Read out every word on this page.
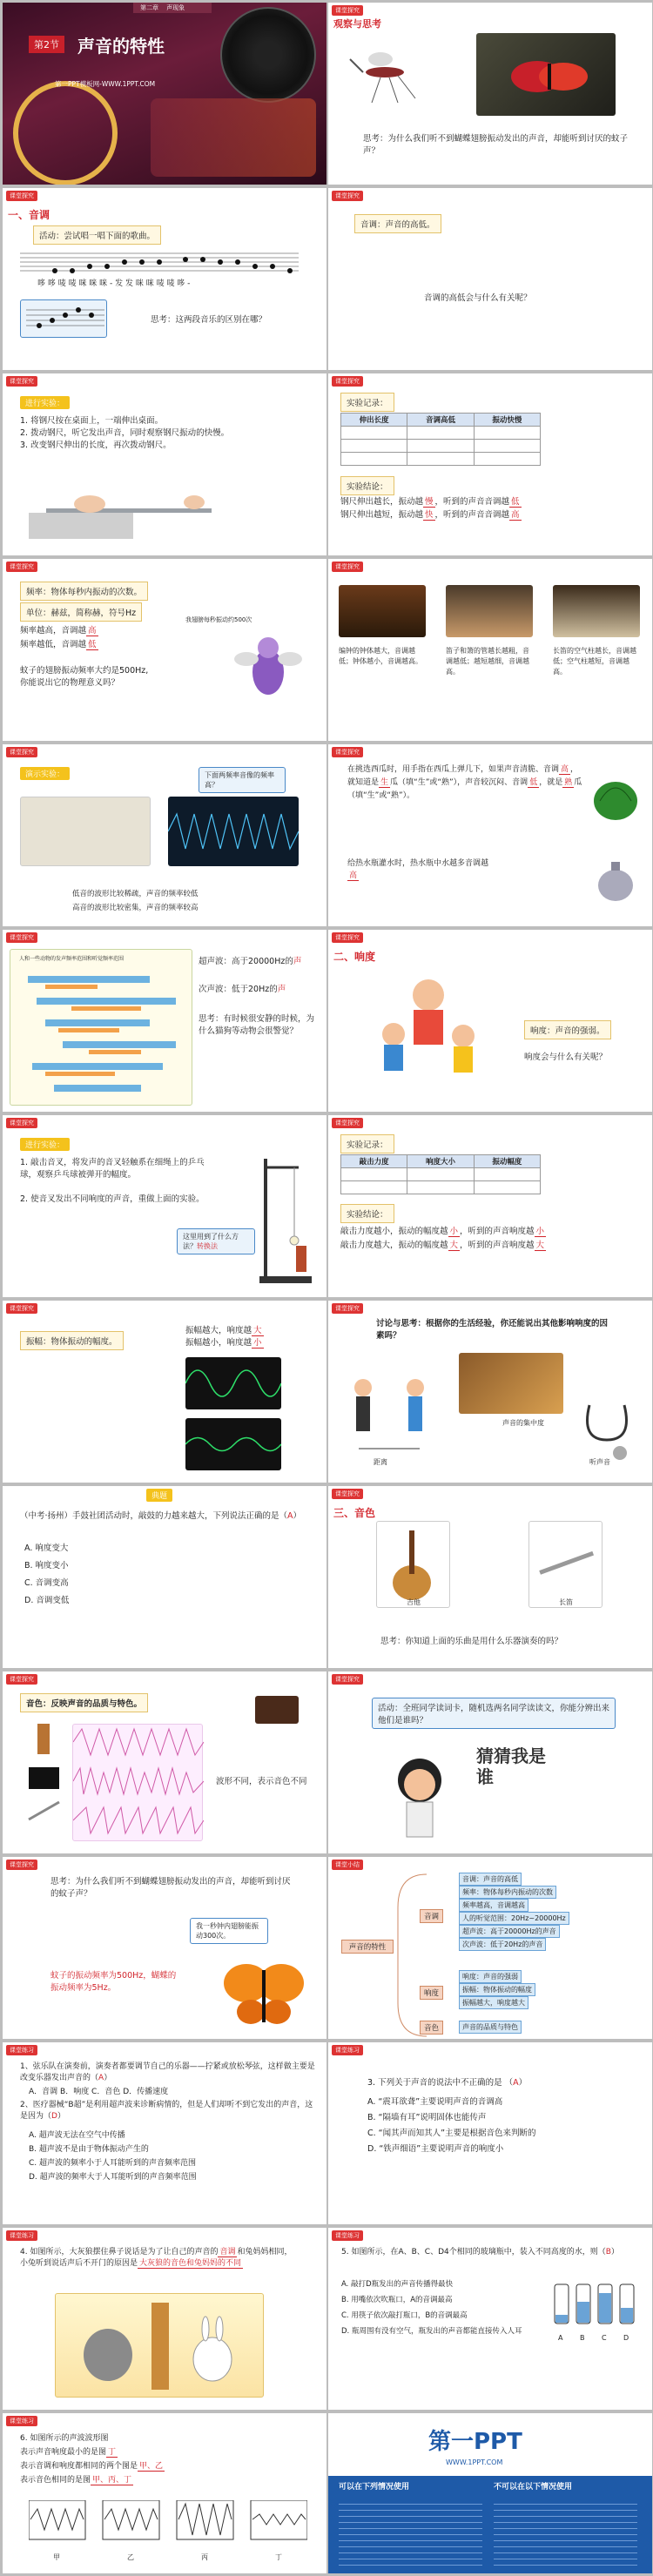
第二章 声现象
第2节	声音的特性
第一PPT模板网-WWW.1PPT.COM
课堂探究
观察与思考
思考：为什么我们听不到蝴蝶翅膀振动发出的声音，却能听到讨厌的蚊子声？
课堂探究
一、音调
活动：尝试唱一唱下面的歌曲。
哆 哆 唛 唛 咪 咪 咪 - 发 发 咪 咪 唛 唛 哆 -
思考：这两段音乐的区别在哪？
课堂探究
音调：声音的高低。
音调的高低会与什么有关呢？
课堂探究
进行实验：
1. 将钢尺按在桌面上，一端伸出桌面。
2. 拨动钢尺，听它发出声音，同时观察钢尺振动的快慢。
3. 改变钢尺伸出的长度，再次拨动钢尺。
课堂探究
实验记录：
伸出长度	音调高低	振动快慢

实验结论：
钢尺伸出越长，振动越 慢 ，听到的声音音调越 低
钢尺伸出越短，振动越 快 ，听到的声音音调越 高
课堂探究
频率：物体每秒内振动的次数。
单位：赫兹，简称赫，符号Hz
频率越高，音调越 高
频率越低，音调越 低
我翅膀每秒振动约500次
蚊子的翅膀振动频率大约是500Hz,
你能说出它的物理意义吗？
课堂探究
编钟的钟体越大，音调越低；钟体越小，音调越高。
笛子和箫的管越长越粗，音调越低；越短越细，音调越高。
长笛的空气柱越长，音调越低；空气柱越短，音调越高。
课堂探究
演示实验：	下面两频率音像的频率高？
低音的波形比较稀疏，声音的频率较低
高音的波形比较密集，声音的频率较高
课堂探究
在挑选西瓜时，用手指在西瓜上弹几下，如果声音清脆、音调 高 ，就知道是 生 瓜（填“生”或“熟”），声音较沉闷、音调 低 ，就是 熟 瓜（填“生”或“熟”）。
给热水瓶灌水时，热水瓶中水越多音调越
高
课堂探究
人和一些动物的发声频率范围和听觉频率范围	超声波：高于20000Hz的声
次声波：低于20Hz的声
思考：有时候很安静的时候，为什么猫狗等动物会很警觉？
课堂探究
二、响度
响度：声音的强弱。
响度会与什么有关呢？
课堂探究
进行实验：
1. 敲击音叉，将发声的音叉轻触系在细绳上的乒乓球，观察乒乓球被弹开的幅度。
2. 使音叉发出不同响度的声音，重做上面的实验。
这里用到了什么方法？转换法
课堂探究
实验记录：
敲击力度	响度大小	振动幅度

实验结论：
敲击力度越小，振动的幅度越 小 ，听到的声音响度越 小
敲击力度越大，振动的幅度越 大 ，听到的声音响度越 大
课堂探究
振幅：物体振动的幅度。
振幅越大，响度越 大
振幅越小，响度越 小
课堂探究
讨论与思考：根据你的生活经验，你还能说出其他影响响度的因素吗？
距离
声音的集中度
听声音
典题
（中考·扬州）手鼓社团活动时，敲鼓的力越来越大，下列说法正确的是（A）
A. 响度变大
B. 响度变小
C. 音调变高
D. 音调变低
课堂探究
三、音色
吉他	长笛
思考：你知道上面的乐曲是用什么乐器演奏的吗？
课堂探究
音色：反映声音的品质与特色。
波形不同，表示音色不同
课堂探究
活动：全班同学读词卡，随机选两名同学读读文，你能分辨出来他们是谁吗？
猜猜我是谁
课堂探究
思考：为什么我们听不到蝴蝶翅膀振动发出的声音，却能听到讨厌的蚊子声？
我一秒钟内翅膀能振动300次。
蚊子的振动频率为500Hz，蝴蝶的振动频率为5Hz。
课堂小结
声音的特性
音调
响度
音色
音调：声音的高低
频率：物体每秒内振动的次数
频率越高，音调越高
人的听觉范围：20Hz~20000Hz
超声波：高于20000Hz的声音
次声波：低于20Hz的声音
响度：声音的强弱
振幅：物体振动的幅度
振幅越大，响度越大
声音的品质与特色
课堂练习
1、弦乐队在演奏前，演奏者都要调节自己的乐器——拧紧或放松琴弦，这样做主要是改变乐器发出声音的（A）
A．音调 B．响度 C．音色 D．传播速度
2、医疗器械“B超”是利用超声波来诊断病情的，但是人们却听不到它发出的声音，这是因为（D）
A. 超声波无法在空气中传播
B. 超声波不是由于物体振动产生的
C. 超声波的频率小于人耳能听到的声音频率范围
D. 超声波的频率大于人耳能听到的声音频率范围
课堂练习
3. 下列关于声音的说法中不正确的是 （A）
A. “震耳欲聋”主要说明声音的音调高
B. “隔墙有耳”说明固体也能传声
C. “闻其声而知其人”主要是根据音色来判断的
D. “铁声细语”主要说明声音的响度小
课堂练习
4. 如图所示，大灰狼摆住鼻子说话是为了让自己的声音的 音调 和兔妈妈相同，小兔听到说话声后不开门的原因是 大灰狼的音色和兔妈妈的不同
课堂练习
5. 如图所示，在A、B、C、D4个相同的玻璃瓶中，装入不同高度的水，则（B）
A. 敲打D瓶发出的声音传播得最快
B. 用嘴依次吹瓶口，A的音调最高
C. 用筷子依次敲打瓶口，B的音调最高
D. 瓶周围有没有空气，瓶发出的声音都能直接传入人耳
A B C D
课堂练习
6. 如图所示的声波波形图
表示声音响度最小的是图 丁
表示音调和响度都相同的两个图是 甲、乙
表示音色相同的是图 甲、丙、丁
甲	乙	丙	丁
第一PPT
WWW.1PPT.COM
可以在下列情况使用	不可以在以下情况使用
